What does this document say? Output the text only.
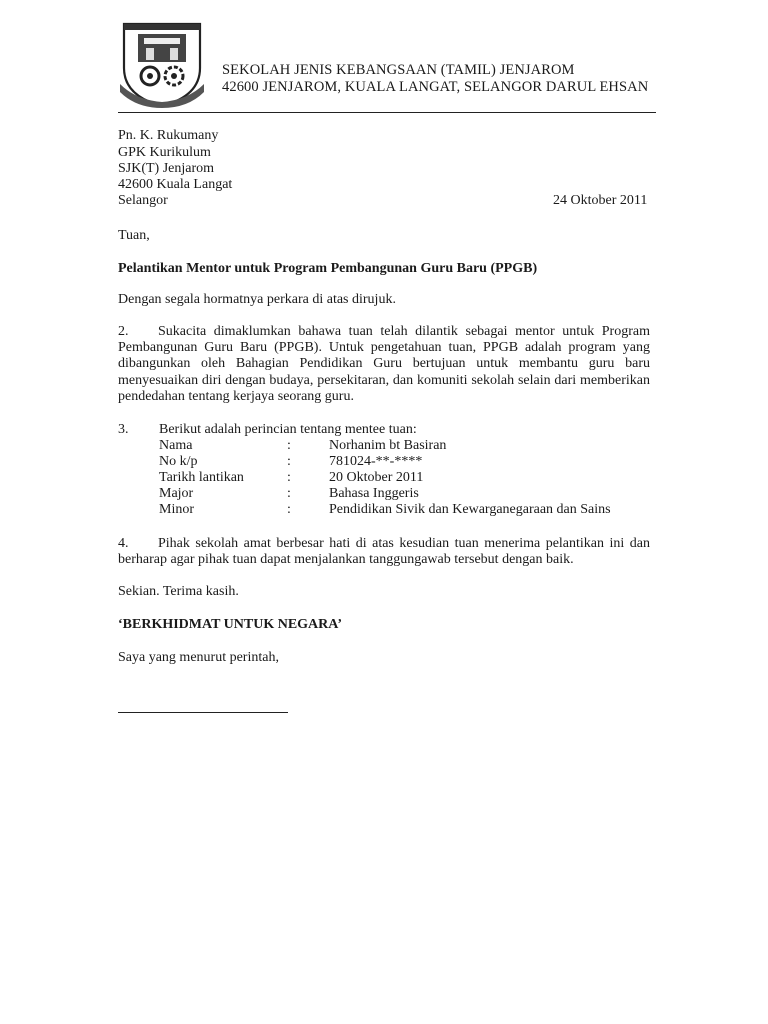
SEKOLAH JENIS KEBANGSAAN (TAMIL) JENJAROM
42600 JENJAROM, KUALA LANGAT, SELANGOR DARUL EHSAN
Pn. K. Rukumany
GPK Kurikulum
SJK(T) Jenjarom
42600 Kuala Langat
Selangor	24 Oktober 2011
Tuan,
Pelantikan Mentor untuk Program Pembangunan Guru Baru (PPGB)
Dengan segala hormatnya perkara di atas dirujuk.
2. Sukacita dimaklumkan bahawa tuan telah dilantik sebagai mentor untuk Program Pembangunan Guru Baru (PPGB). Untuk pengetahuan tuan, PPGB adalah program yang dibangunkan oleh Bahagian Pendidikan Guru bertujuan untuk membantu guru baru menyesuaikan diri dengan budaya, persekitaran, dan komuniti sekolah selain dari memberikan pendedahan tentang kerjaya seorang guru.
3. Berikut adalah perincian tentang mentee tuan:
Nama	:	Norhanim bt Basiran
No k/p	:	781024-**-****
Tarikh lantikan	:	20 Oktober 2011
Major	:	Bahasa Inggeris
Minor	:	Pendidikan Sivik dan Kewarganegaraan dan Sains
4. Pihak sekolah amat berbesar hati di atas kesudian tuan menerima pelantikan ini dan berharap agar pihak tuan dapat menjalankan tanggungawab tersebut dengan baik.
Sekian. Terima kasih.
‘BERKHIDMAT UNTUK NEGARA’
Saya yang menurut perintah,
